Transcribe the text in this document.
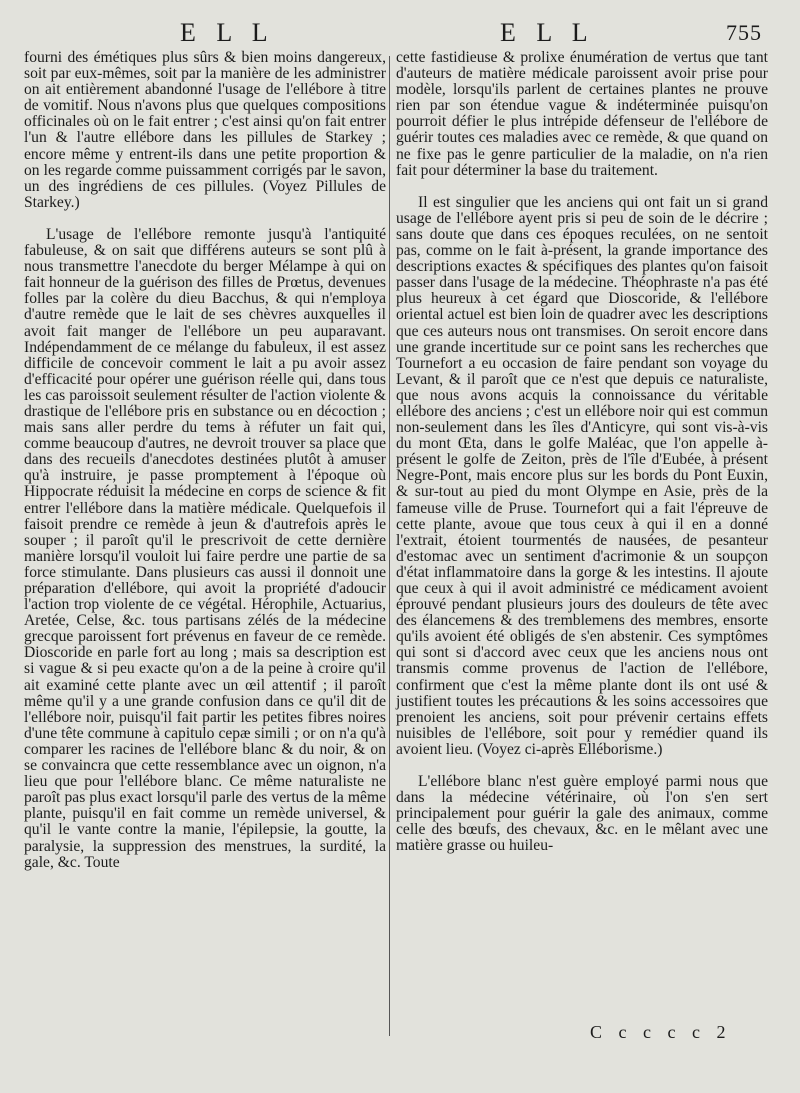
E L L	E L L	755

fourni des émétiques plus sûrs & bien moins dangereux, soit par eux-mêmes, soit par la manière de les administrer on ait entièrement abandonné l'usage de l'ellébore à titre de vomitif. Nous n'avons plus que quelques compositions officinales où on le fait entrer ; c'est ainsi qu'on fait entrer l'un & l'autre ellébore dans les pillules de Starkey ; encore même y entrent-ils dans une petite proportion & on les regarde comme puissamment corrigés par le savon, un des ingrédiens de ces pillules. (Voyez Pillules de Starkey.)

L'usage de l'ellébore remonte jusqu'à l'antiquité fabuleuse, & on sait que différens auteurs se sont plû à nous transmettre l'anecdote du berger Mélampe à qui on fait honneur de la guérison des filles de Prœtus, devenues folles par la colère du dieu Bacchus, & qui n'employa d'autre remède que le lait de ses chèvres auxquelles il avoit fait manger de l'ellébore un peu auparavant. Indépendamment de ce mélange du fabuleux, il est assez difficile de concevoir comment le lait a pu avoir assez d'efficacité pour opérer une guérison réelle qui, dans tous les cas paroissoit seulement résulter de l'action violente & drastique de l'ellébore pris en substance ou en décoction ; mais sans aller perdre du tems à réfuter un fait qui, comme beaucoup d'autres, ne devroit trouver sa place que dans des recueils d'anecdotes destinées plutôt à amuser qu'à instruire, je passe promptement à l'époque où Hippocrate réduisit la médecine en corps de science & fit entrer l'ellébore dans la matière médicale. Quelquefois il faisoit prendre ce remède à jeun & d'autrefois après le souper ; il paroît qu'il le prescrivoit de cette dernière manière lorsqu'il vouloit lui faire perdre une partie de sa force stimulante. Dans plusieurs cas aussi il donnoit une préparation d'ellébore, qui avoit la propriété d'adoucir l'action trop violente de ce végétal. Hérophile, Actuarius, Aretée, Celse, &c. tous partisans zélés de la médecine grecque paroissent fort prévenus en faveur de ce remède. Dioscoride en parle fort au long ; mais sa description est si vague & si peu exacte qu'on a de la peine à croire qu'il ait examiné cette plante avec un œil attentif ; il paroît même qu'il y a une grande confusion dans ce qu'il dit de l'ellébore noir, puisqu'il fait partir les petites fibres noires d'une tête commune à capitulo cepæ simili ; or on n'a qu'à comparer les racines de l'ellébore blanc & du noir, & on se convaincra que cette ressemblance avec un oignon, n'a lieu que pour l'ellébore blanc. Ce même naturaliste ne paroît pas plus exact lorsqu'il parle des vertus de la même plante, puisqu'il en fait comme un remède universel, & qu'il le vante contre la manie, l'épilepsie, la goutte, la paralysie, la suppression des menstrues, la surdité, la gale, &c. Toute

cette fastidieuse & prolixe énumération de vertus que tant d'auteurs de matière médicale paroissent avoir prise pour modèle, lorsqu'ils parlent de certaines plantes ne prouve rien par son étendue vague & indéterminée puisqu'on pourroit défier le plus intrépide défenseur de l'ellébore de guérir toutes ces maladies avec ce remède, & que quand on ne fixe pas le genre particulier de la maladie, on n'a rien fait pour déterminer la base du traitement.

Il est singulier que les anciens qui ont fait un si grand usage de l'ellébore ayent pris si peu de soin de le décrire ; sans doute que dans ces époques reculées, on ne sentoit pas, comme on le fait à-présent, la grande importance des descriptions exactes & spécifiques des plantes qu'on faisoit passer dans l'usage de la médecine. Théophraste n'a pas été plus heureux à cet égard que Dioscoride, & l'ellébore oriental actuel est bien loin de quadrer avec les descriptions que ces auteurs nous ont transmises. On seroit encore dans une grande incertitude sur ce point sans les recherches que Tournefort a eu occasion de faire pendant son voyage du Levant, & il paroît que ce n'est que depuis ce naturaliste, que nous avons acquis la connoissance du véritable ellébore des anciens ; c'est un ellébore noir qui est commun non-seulement dans les îles d'Anticyre, qui sont vis-à-vis du mont Œta, dans le golfe Maléac, que l'on appelle à-présent le golfe de Zeiton, près de l'île d'Eubée, à présent Negre-Pont, mais encore plus sur les bords du Pont Euxin, & sur-tout au pied du mont Olympe en Asie, près de la fameuse ville de Pruse. Tournefort qui a fait l'épreuve de cette plante, avoue que tous ceux à qui il en a donné l'extrait, étoient tourmentés de nausées, de pesanteur d'estomac avec un sentiment d'acrimonie & un soupçon d'état inflammatoire dans la gorge & les intestins. Il ajoute que ceux à qui il avoit administré ce médicament avoient éprouvé pendant plusieurs jours des douleurs de tête avec des élancemens & des tremblemens des membres, ensorte qu'ils avoient été obligés de s'en abstenir. Ces symptômes qui sont si d'accord avec ceux que les anciens nous ont transmis comme provenus de l'action de l'ellébore, confirment que c'est la même plante dont ils ont usé & justifient toutes les précautions & les soins accessoires que prenoient les anciens, soit pour prévenir certains effets nuisibles de l'ellébore, soit pour y remédier quand ils avoient lieu. (Voyez ci-après Elléborisme.)

L'ellébore blanc n'est guère employé parmi nous que dans la médecine vétérinaire, où l'on s'en sert principalement pour guérir la gale des animaux, comme celle des bœufs, des chevaux, &c. en le mêlant avec une matière grasse ou huileu-

C c c c c 2
